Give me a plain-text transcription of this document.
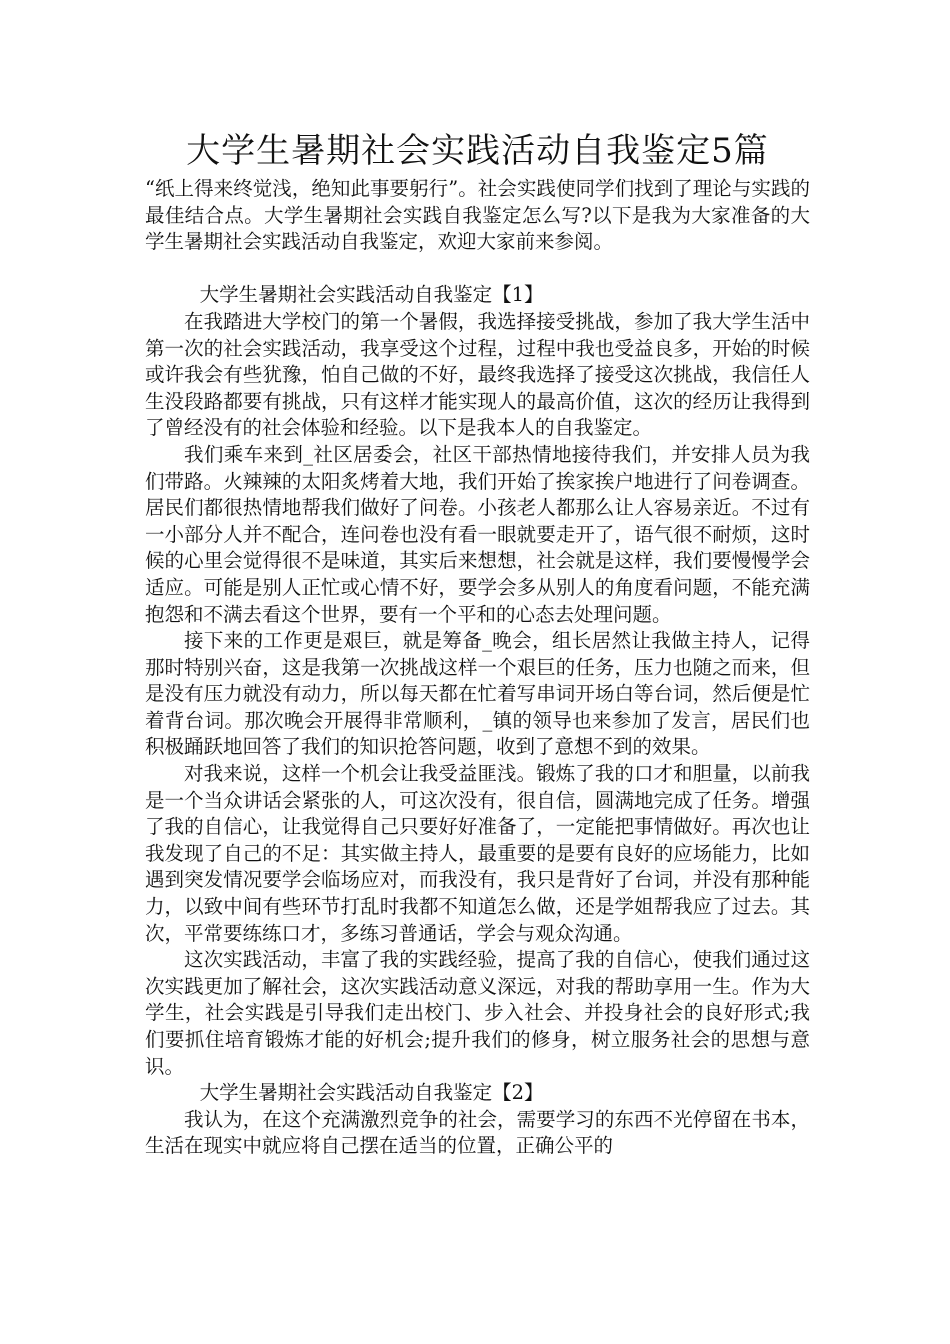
大学生暑期社会实践活动自我鉴定5篇

“纸上得来终觉浅，绝知此事要躬行”。社会实践使同学们找到了理论与实践的最佳结合点。大学生暑期社会实践自我鉴定怎么写?以下是我为大家准备的大学生暑期社会实践活动自我鉴定，欢迎大家前来参阅。

大学生暑期社会实践活动自我鉴定【1】

在我踏进大学校门的第一个暑假，我选择接受挑战，参加了我大学生活中第一次的社会实践活动，我享受这个过程，过程中我也受益良多，开始的时候或许我会有些犹豫，怕自己做的不好，最终我选择了接受这次挑战，我信任人生没段路都要有挑战，只有这样才能实现人的最高价值，这次的经历让我得到了曾经没有的社会体验和经验。以下是我本人的自我鉴定。

我们乘车来到_社区居委会，社区干部热情地接待我们，并安排人员为我们带路。火辣辣的太阳炙烤着大地，我们开始了挨家挨户地进行了问卷调查。居民们都很热情地帮我们做好了问卷。小孩老人都那么让人容易亲近。不过有一小部分人并不配合，连问卷也没有看一眼就要走开了，语气很不耐烦，这时候的心里会觉得很不是味道，其实后来想想，社会就是这样，我们要慢慢学会适应。可能是别人正忙或心情不好，要学会多从别人的角度看问题，不能充满抱怨和不满去看这个世界，要有一个平和的心态去处理问题。

接下来的工作更是艰巨，就是筹备_晚会，组长居然让我做主持人，记得那时特别兴奋，这是我第一次挑战这样一个艰巨的任务，压力也随之而来，但是没有压力就没有动力，所以每天都在忙着写串词开场白等台词，然后便是忙着背台词。那次晚会开展得非常顺利，_镇的领导也来参加了发言，居民们也积极踊跃地回答了我们的知识抢答问题，收到了意想不到的效果。

对我来说，这样一个机会让我受益匪浅。锻炼了我的口才和胆量，以前我是一个当众讲话会紧张的人，可这次没有，很自信，圆满地完成了任务。增强了我的自信心，让我觉得自己只要好好准备了，一定能把事情做好。再次也让我发现了自己的不足：其实做主持人，最重要的是要有良好的应场能力，比如遇到突发情况要学会临场应对，而我没有，我只是背好了台词，并没有那种能力，以致中间有些环节打乱时我都不知道怎么做，还是学姐帮我应了过去。其次，平常要练练口才，多练习普通话，学会与观众沟通。

这次实践活动，丰富了我的实践经验，提高了我的自信心，使我们通过这次实践更加了解社会，这次实践活动意义深远，对我的帮助享用一生。作为大学生，社会实践是引导我们走出校门、步入社会、并投身社会的良好形式;我们要抓住培育锻炼才能的好机会;提升我们的修身，树立服务社会的思想与意识。

大学生暑期社会实践活动自我鉴定【2】

我认为，在这个充满激烈竞争的社会，需要学习的东西不光停留在书本，生活在现实中就应将自己摆在适当的位置，正确公平的
